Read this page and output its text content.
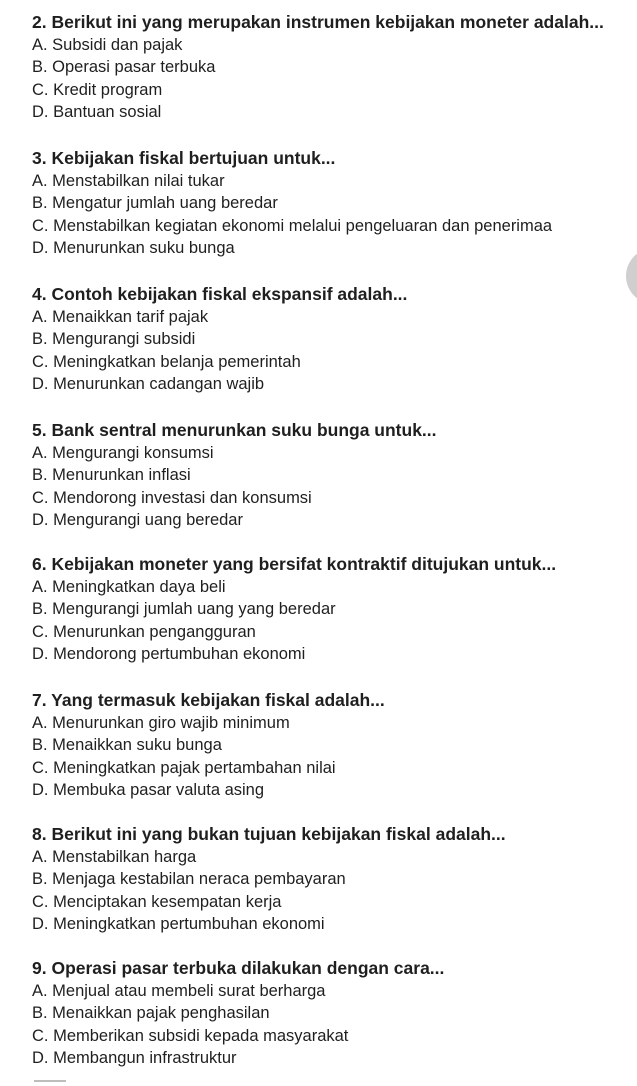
2. Berikut ini yang merupakan instrumen kebijakan moneter adalah...
A. Subsidi dan pajak
B. Operasi pasar terbuka
C. Kredit program
D. Bantuan sosial
3. Kebijakan fiskal bertujuan untuk...
A. Menstabilkan nilai tukar
B. Mengatur jumlah uang beredar
C. Menstabilkan kegiatan ekonomi melalui pengeluaran dan penerimaa
D. Menurunkan suku bunga
4. Contoh kebijakan fiskal ekspansif adalah...
A. Menaikkan tarif pajak
B. Mengurangi subsidi
C. Meningkatkan belanja pemerintah
D. Menurunkan cadangan wajib
5. Bank sentral menurunkan suku bunga untuk...
A. Mengurangi konsumsi
B. Menurunkan inflasi
C. Mendorong investasi dan konsumsi
D. Mengurangi uang beredar
6. Kebijakan moneter yang bersifat kontraktif ditujukan untuk...
A. Meningkatkan daya beli
B. Mengurangi jumlah uang yang beredar
C. Menurunkan pengangguran
D. Mendorong pertumbuhan ekonomi
7. Yang termasuk kebijakan fiskal adalah...
A. Menurunkan giro wajib minimum
B. Menaikkan suku bunga
C. Meningkatkan pajak pertambahan nilai
D. Membuka pasar valuta asing
8. Berikut ini yang bukan tujuan kebijakan fiskal adalah...
A. Menstabilkan harga
B. Menjaga kestabilan neraca pembayaran
C. Menciptakan kesempatan kerja
D. Meningkatkan pertumbuhan ekonomi
9. Operasi pasar terbuka dilakukan dengan cara...
A. Menjual atau membeli surat berharga
B. Menaikkan pajak penghasilan
C. Memberikan subsidi kepada masyarakat
D. Membangun infrastruktur
